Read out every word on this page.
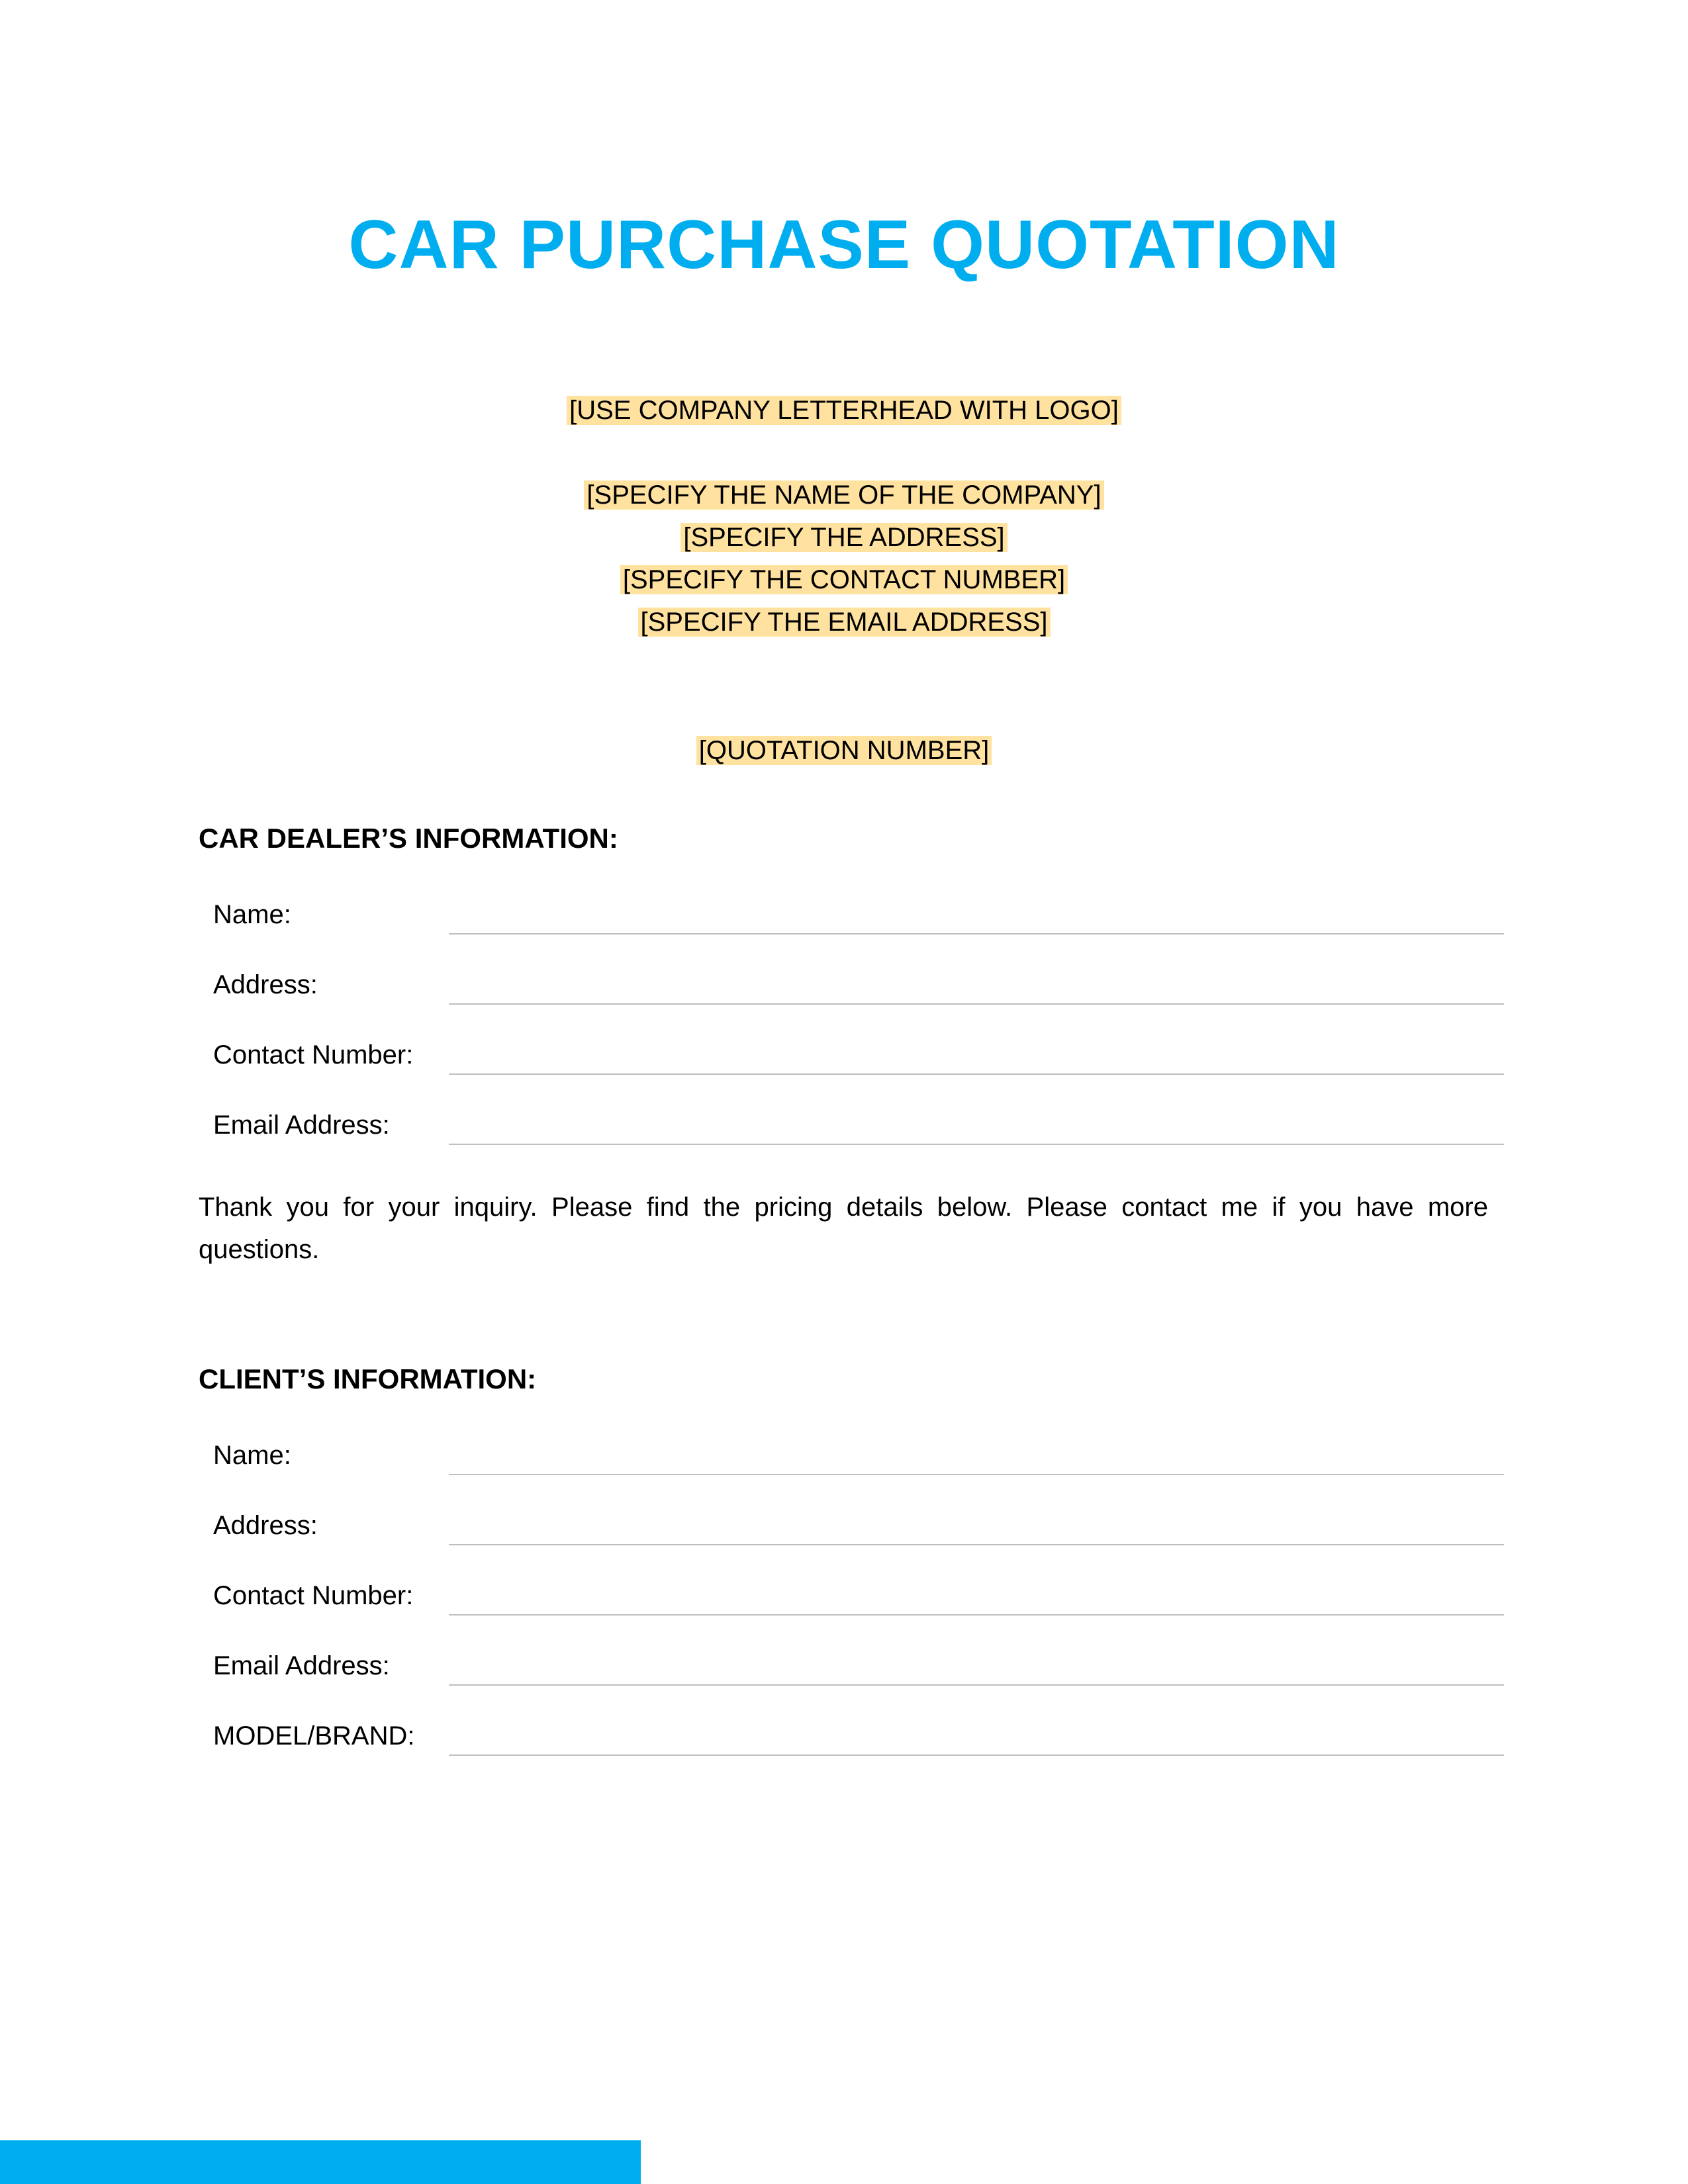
CAR PURCHASE QUOTATION
[USE COMPANY LETTERHEAD WITH LOGO]
[SPECIFY THE NAME OF THE COMPANY]
[SPECIFY THE ADDRESS]
[SPECIFY THE CONTACT NUMBER]
[SPECIFY THE EMAIL ADDRESS]
[QUOTATION NUMBER]
CAR DEALER’S INFORMATION:
Name:
Address:
Contact Number:
Email Address:
Thank you for your inquiry. Please find the pricing details below. Please contact me if you have more questions.
CLIENT’S INFORMATION:
Name:
Address:
Contact Number:
Email Address:
MODEL/BRAND:
